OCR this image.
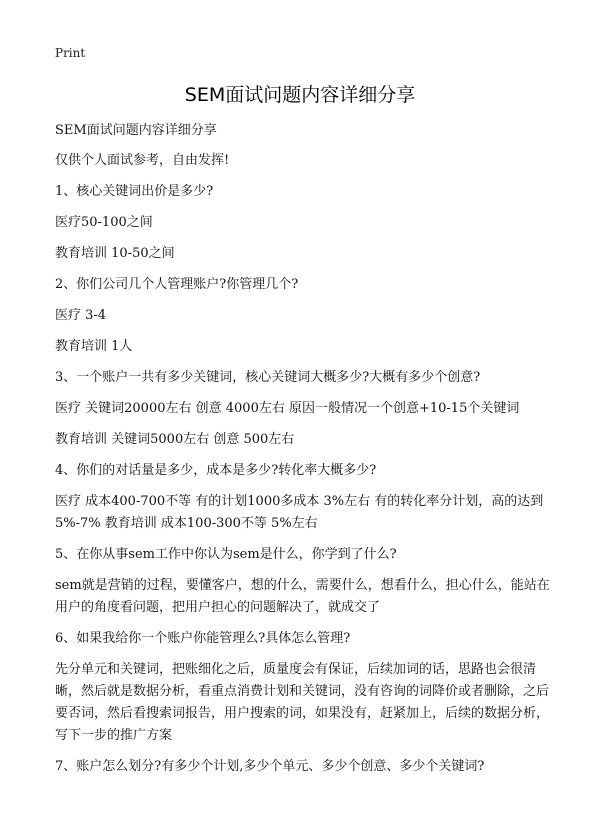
Print
SEM面试问题内容详细分享

SEM面试问题内容详细分享

仅供个人面试参考，自由发挥!

1、核心关键词出价是多少?

医疗50-100之间

教育培训 10-50之间

2、你们公司几个人管理账户?你管理几个?

医疗 3-4

教育培训 1人

3、一个账户一共有多少关键词，核心关键词大概多少?大概有多少个创意?

医疗 关键词20000左右 创意 4000左右 原因一般情况一个创意+10-15个关键词

教育培训 关键词5000左右 创意 500左右

4、你们的对话量是多少，成本是多少?转化率大概多少?

医疗 成本400-700不等 有的计划1000多成本 3%左右 有的转化率分计划，高的达到5%-7% 教育培训 成本100-300不等 5%左右

5、在你从事sem工作中你认为sem是什么，你学到了什么?

sem就是营销的过程，要懂客户，想的什么，需要什么，想看什么，担心什么，能站在用户的角度看问题，把用户担心的问题解决了，就成交了

6、如果我给你一个账户你能管理么?具体怎么管理?

先分单元和关键词，把账细化之后，质量度会有保证，后续加词的话，思路也会很清晰，然后就是数据分析，看重点消费计划和关键词，没有咨询的词降价或者删除，之后要否词，然后看搜索词报告，用户搜索的词，如果没有，赶紧加上，后续的数据分析，写下一步的推广方案

7、账户怎么划分?有多少个计划,多少个单元、多少个创意、多少个关键词?
